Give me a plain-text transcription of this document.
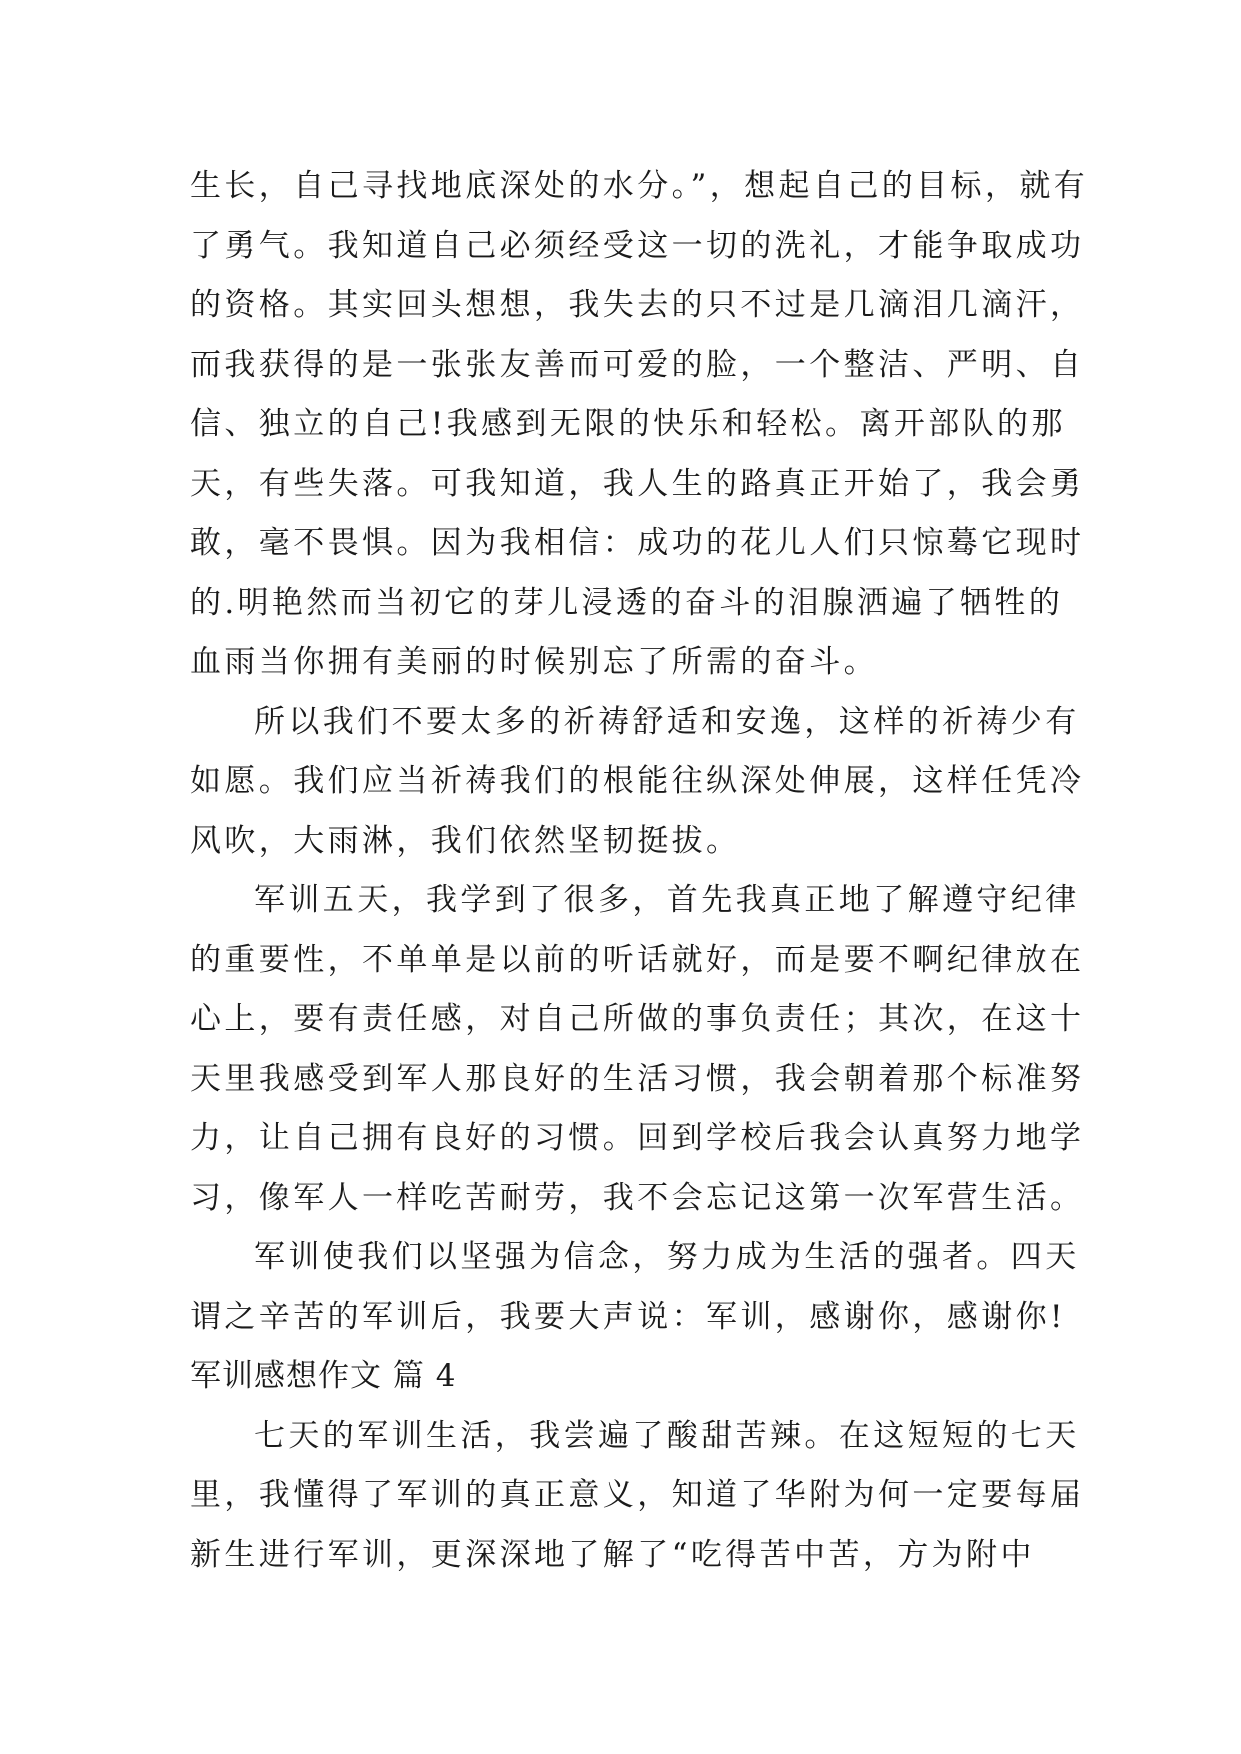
生长，自己寻找地底深处的水分。”，想起自己的目标，就有
了勇气。我知道自己必须经受这一切的洗礼，才能争取成功
的资格。其实回头想想，我失去的只不过是几滴泪几滴汗，
而我获得的是一张张友善而可爱的脸，一个整洁、严明、自
信、独立的自己!我感到无限的快乐和轻松。离开部队的那
天，有些失落。可我知道，我人生的路真正开始了，我会勇
敢，毫不畏惧。因为我相信：成功的花儿人们只惊蓦它现时
的.明艳然而当初它的芽儿浸透的奋斗的泪腺洒遍了牺牲的
血雨当你拥有美丽的时候别忘了所需的奋斗。
所以我们不要太多的祈祷舒适和安逸，这样的祈祷少有
如愿。我们应当祈祷我们的根能往纵深处伸展，这样任凭冷
风吹，大雨淋，我们依然坚韧挺拔。
军训五天，我学到了很多，首先我真正地了解遵守纪律
的重要性，不单单是以前的听话就好，而是要不啊纪律放在
心上，要有责任感，对自己所做的事负责任；其次，在这十
天里我感受到军人那良好的生活习惯，我会朝着那个标准努
力，让自己拥有良好的习惯。回到学校后我会认真努力地学
习，像军人一样吃苦耐劳，我不会忘记这第一次军营生活。
军训使我们以坚强为信念，努力成为生活的强者。四天
谓之辛苦的军训后，我要大声说：军训，感谢你，感谢你!
军训感想作文 篇 4
七天的军训生活，我尝遍了酸甜苦辣。在这短短的七天
里，我懂得了军训的真正意义，知道了华附为何一定要每届
新生进行军训，更深深地了解了“吃得苦中苦，方为附中
